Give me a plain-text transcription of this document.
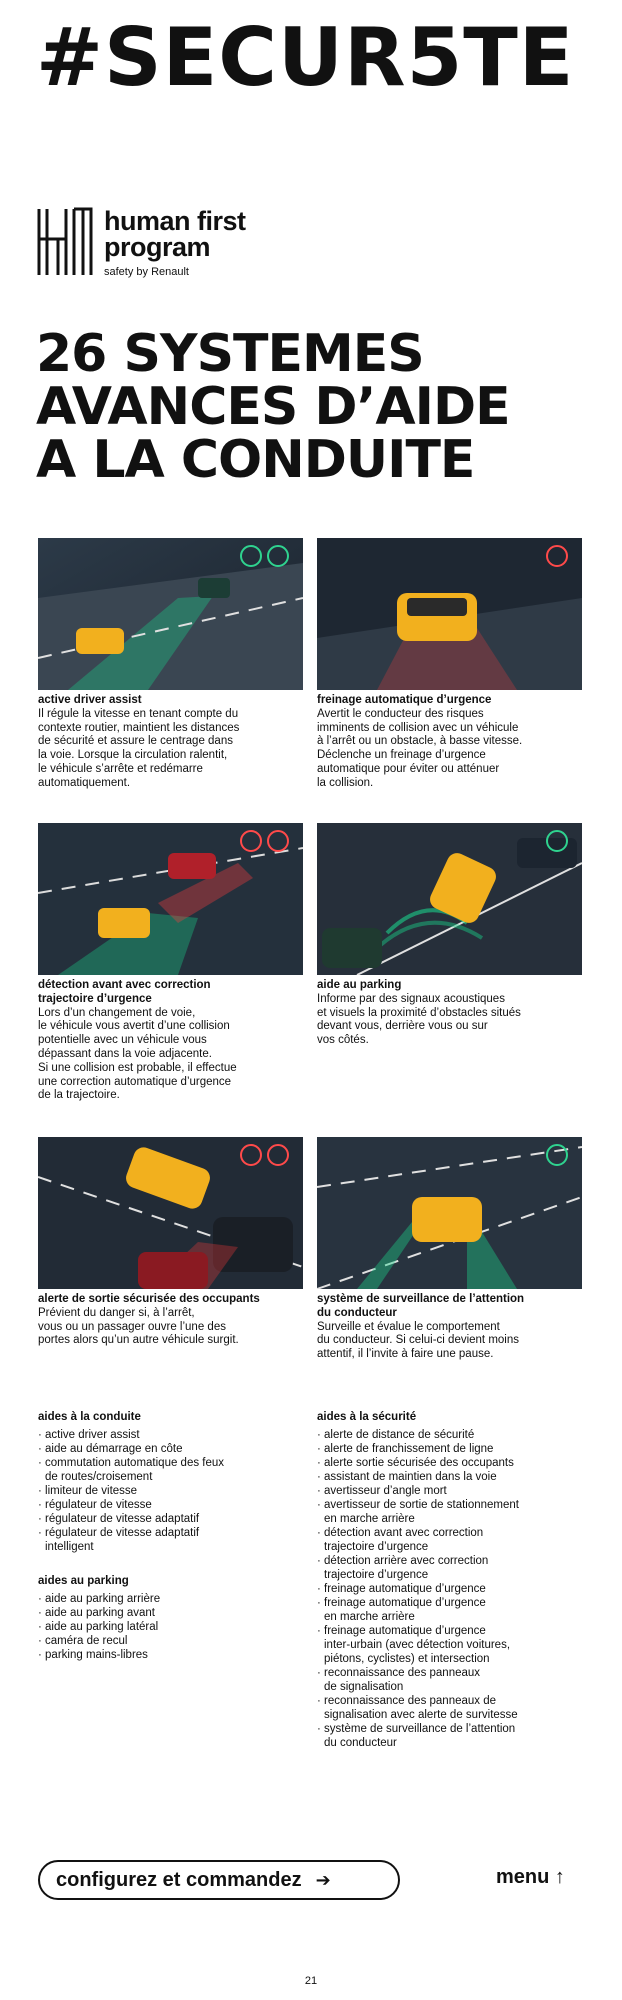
#SECUR5TE
human first
program
safety by Renault
26 SYSTEMES
AVANCES D’AIDE
A LA CONDUITE
active driver assist
Il régule la vitesse en tenant compte du
contexte routier, maintient les distances
de sécurité et assure le centrage dans
la voie. Lorsque la circulation ralentit,
le véhicule s’arrête et redémarre
automatiquement.
freinage automatique d’urgence
Avertit le conducteur des risques
imminents de collision avec un véhicule
à l’arrêt ou un obstacle, à basse vitesse.
Déclenche un freinage d’urgence
automatique pour éviter ou atténuer
la collision.
détection avant avec correction
trajectoire d’urgence
Lors d’un changement de voie,
le véhicule vous avertit d’une collision
potentielle avec un véhicule vous
dépassant dans la voie adjacente.
Si une collision est probable, il effectue
une correction automatique d’urgence
de la trajectoire.
aide au parking
Informe par des signaux acoustiques
et visuels la proximité d’obstacles situés
devant vous, derrière vous ou sur
vos côtés.
alerte de sortie sécurisée des occupants
Prévient du danger si, à l’arrêt,
vous ou un passager ouvre l’une des
portes alors qu’un autre véhicule surgit.
système de surveillance de l’attention
du conducteur
Surveille et évalue le comportement
du conducteur. Si celui-ci devient moins
attentif, il l’invite à faire une pause.
aides à la conduite
· active driver assist
· aide au démarrage en côte
· commutation automatique des feux
de routes/croisement
· limiteur de vitesse
· régulateur de vitesse
· régulateur de vitesse adaptatif
· régulateur de vitesse adaptatif
intelligent
aides au parking
· aide au parking arrière
· aide au parking avant
· aide au parking latéral
· caméra de recul
· parking mains-libres
aides à la sécurité
· alerte de distance de sécurité
· alerte de franchissement de ligne
· alerte sortie sécurisée des occupants
· assistant de maintien dans la voie
· avertisseur d’angle mort
· avertisseur de sortie de stationnement
en marche arrière
· détection avant avec correction
trajectoire d’urgence
· détection arrière avec correction
trajectoire d’urgence
· freinage automatique d’urgence
· freinage automatique d’urgence
en marche arrière
· freinage automatique d’urgence
inter-urbain (avec détection voitures,
piétons, cyclistes) et intersection
· reconnaissance des panneaux
de signalisation
· reconnaissance des panneaux de
signalisation avec alerte de survitesse
· système de surveillance de l’attention
du conducteur
configurez et commandez ➔	menu ↑
21
